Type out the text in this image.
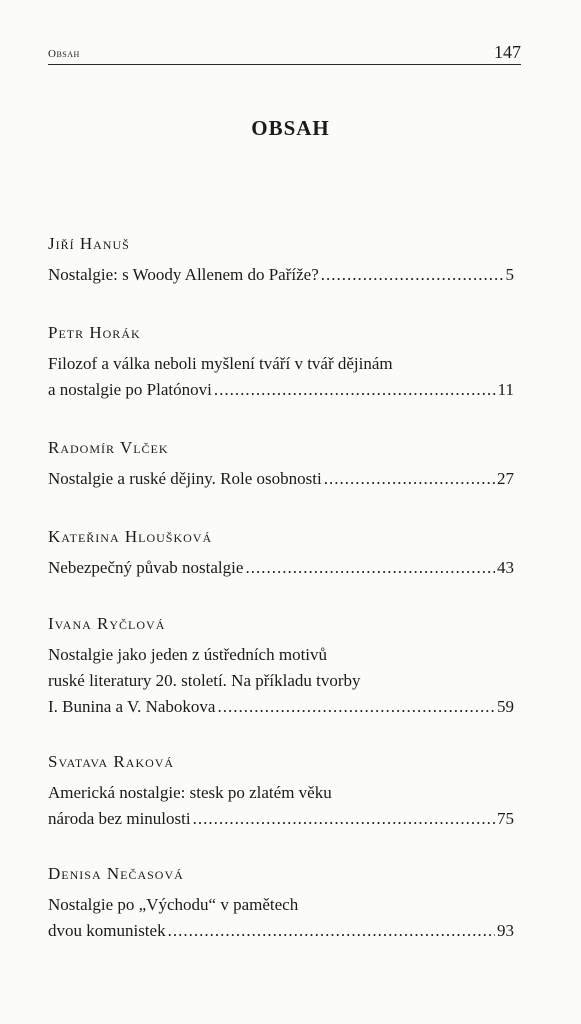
Obsah	147
OBSAH
Jiří Hanuš
Nostalgie: s Woody Allenem do Paříže? .....	5
Petr Horák
Filozof a válka neboli myšlení tváří v tvář dějinám
a nostalgie po Platónovi .....	11
Radomír Vlček
Nostalgie a ruské dějiny. Role osobnosti .....	27
Kateřina Hloušková
Nebezpečný půvab nostalgie .....	43
Ivana Ryčlová
Nostalgie jako jeden z ústředních motivů
ruské literatury 20. století. Na příkladu tvorby
I. Bunina a V. Nabokova .....	59
Svatava Raková
Americká nostalgie: stesk po zlatém věku
národa bez minulosti .....	75
Denisa Nečasová
Nostalgie po „Východu“ v pamětech
dvou komunistek .....	93
